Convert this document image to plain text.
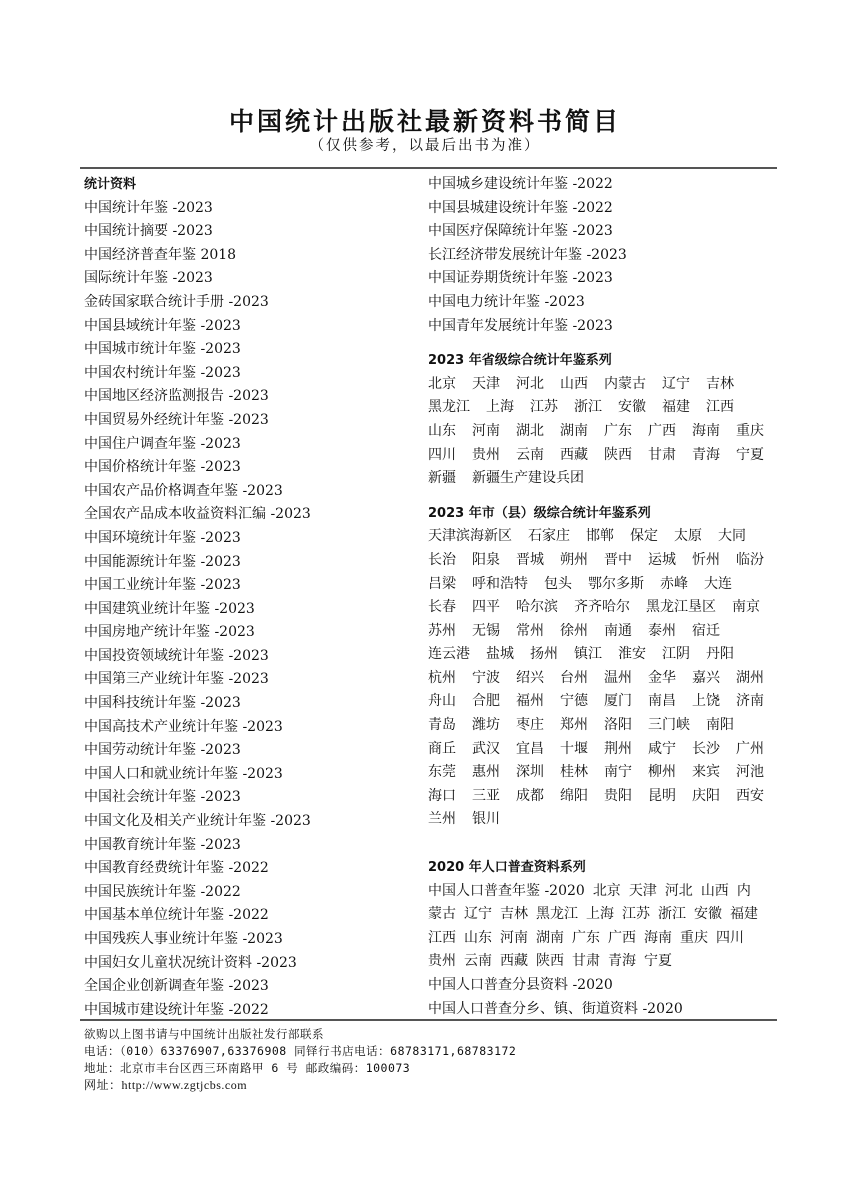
中国统计出版社最新资料书简目
（仅供参考，以最后出书为准）
统计资料
中国统计年鉴 -2023
中国统计摘要 -2023
中国经济普查年鉴 2018
国际统计年鉴 -2023
金砖国家联合统计手册 -2023
中国县域统计年鉴 -2023
中国城市统计年鉴 -2023
中国农村统计年鉴 -2023
中国地区经济监测报告 -2023
中国贸易外经统计年鉴 -2023
中国住户调查年鉴 -2023
中国价格统计年鉴 -2023
中国农产品价格调查年鉴 -2023
全国农产品成本收益资料汇编 -2023
中国环境统计年鉴 -2023
中国能源统计年鉴 -2023
中国工业统计年鉴 -2023
中国建筑业统计年鉴 -2023
中国房地产统计年鉴 -2023
中国投资领域统计年鉴 -2023
中国第三产业统计年鉴 -2023
中国科技统计年鉴 -2023
中国高技术产业统计年鉴 -2023
中国劳动统计年鉴 -2023
中国人口和就业统计年鉴 -2023
中国社会统计年鉴 -2023
中国文化及相关产业统计年鉴 -2023
中国教育统计年鉴 -2023
中国教育经费统计年鉴 -2022
中国民族统计年鉴 -2022
中国基本单位统计年鉴 -2022
中国残疾人事业统计年鉴 -2023
中国妇女儿童状况统计资料 -2023
全国企业创新调查年鉴 -2023
中国城市建设统计年鉴 -2022
中国城乡建设统计年鉴 -2022
中国县城建设统计年鉴 -2022
中国医疗保障统计年鉴 -2023
长江经济带发展统计年鉴 -2023
中国证券期货统计年鉴 -2023
中国电力统计年鉴 -2023
中国青年发展统计年鉴 -2023
2023 年省级综合统计年鉴系列
北京 天津 河北 山西 内蒙古 辽宁 吉林
黑龙江 上海 江苏 浙江 安徽 福建 江西
山东 河南 湖北 湖南 广东 广西 海南 重庆
四川 贵州 云南 西藏 陕西 甘肃 青海 宁夏
新疆 新疆生产建设兵团
2023 年市（县）级综合统计年鉴系列
天津滨海新区 石家庄 邯郸 保定 太原 大同
长治 阳泉 晋城 朔州 晋中 运城 忻州 临汾
吕梁 呼和浩特 包头 鄂尔多斯 赤峰 大连
长春 四平 哈尔滨 齐齐哈尔 黑龙江垦区 南京
苏州 无锡 常州 徐州 南通 泰州 宿迁
连云港 盐城 扬州 镇江 淮安 江阴 丹阳
杭州 宁波 绍兴 台州 温州 金华 嘉兴 湖州
舟山 合肥 福州 宁德 厦门 南昌 上饶 济南
青岛 潍坊 枣庄 郑州 洛阳 三门峡 南阳
商丘 武汉 宜昌 十堰 荆州 咸宁 长沙 广州
东莞 惠州 深圳 桂林 南宁 柳州 来宾 河池
海口 三亚 成都 绵阳 贵阳 昆明 庆阳 西安
兰州 银川
2020 年人口普查资料系列
中国人口普查年鉴 -2020 北京 天津 河北 山西 内
蒙古 辽宁 吉林 黑龙江 上海 江苏 浙江 安徽 福建
江西 山东 河南 湖南 广东 广西 海南 重庆 四川
贵州 云南 西藏 陕西 甘肃 青海 宁夏
中国人口普查分县资料 -2020
中国人口普查分乡、镇、街道资料 -2020
欲购以上图书请与中国统计出版社发行部联系
电话：（010）63376907,63376908 同铎行书店电话：68783171,68783172
地址：北京市丰台区西三环南路甲 6 号 邮政编码：100073
网址：http://www.zgtjcbs.com
